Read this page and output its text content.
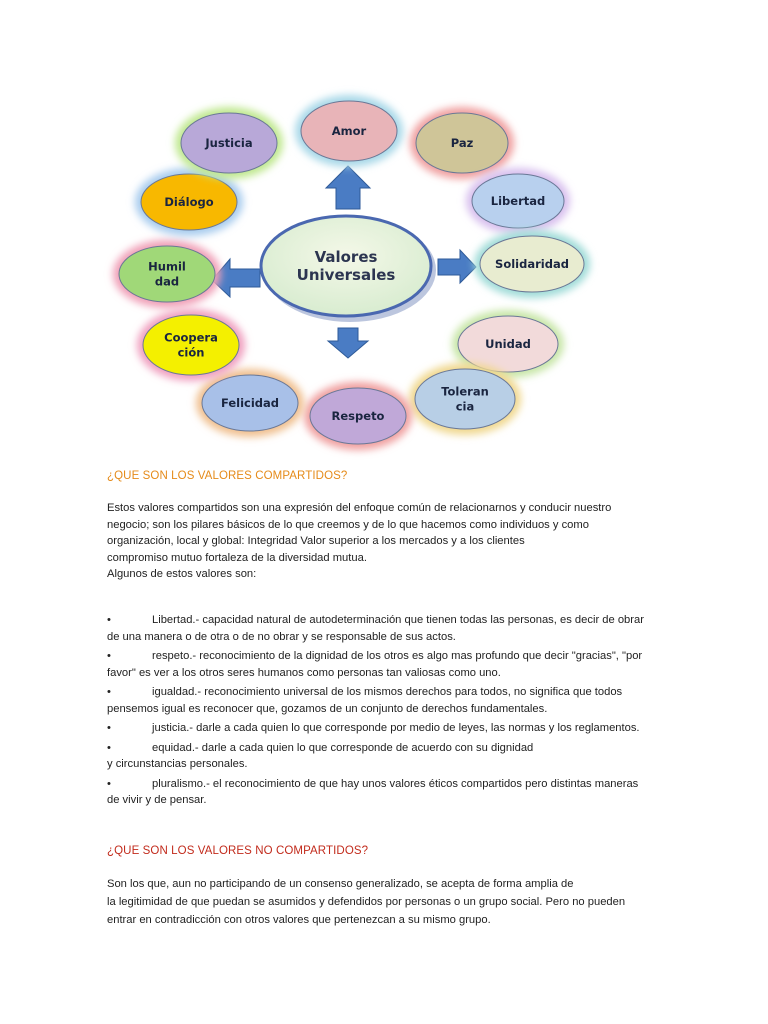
Valores
Universales
Amor
Paz
Libertad
Solidaridad
Unidad
Toleran
cia
Respeto
Felicidad
Coopera
ción
Humil
dad
Diálogo
Justicia
¿QUE SON LOS VALORES COMPARTIDOS?

Estos valores compartidos son una expresión del enfoque común de relacionarnos y conducir nuestro

negocio; son los pilares básicos de lo que creemos y de lo que hacemos como individuos y como

organización, local y global: Integridad Valor superior a los mercados y a los clientes

compromiso mutuo fortaleza de la diversidad mutua.

Algunos de estos valores son:

•	Libertad.- capacidad natural de autodeterminación que tienen todas las personas, es decir de obrar
de una manera o de otra o de no obrar y se responsable de sus actos.
•	respeto.- reconocimiento de la dignidad de los otros es algo mas profundo que decir "gracias", "por
favor" es ver a los otros seres humanos como personas tan valiosas como uno.
•	igualdad.- reconocimiento universal de los mismos derechos para todos, no significa que todos
pensemos igual es reconocer que, gozamos de un conjunto de derechos fundamentales.
•	justicia.- darle a cada quien lo que corresponde por medio de leyes, las normas y los reglamentos.
•	equidad.- darle a cada quien lo que corresponde de acuerdo con su dignidad
y circunstancias personales.
•	pluralismo.- el reconocimiento de que hay unos valores éticos compartidos pero distintas maneras
de vivir y de pensar.
¿QUE SON LOS VALORES NO COMPARTIDOS?

Son los que, aun no participando de un consenso generalizado, se acepta de forma amplia de

la legitimidad de que puedan se asumidos y defendidos por personas o un grupo social. Pero no pueden

entrar en contradicción con otros valores que pertenezcan a su mismo grupo.
